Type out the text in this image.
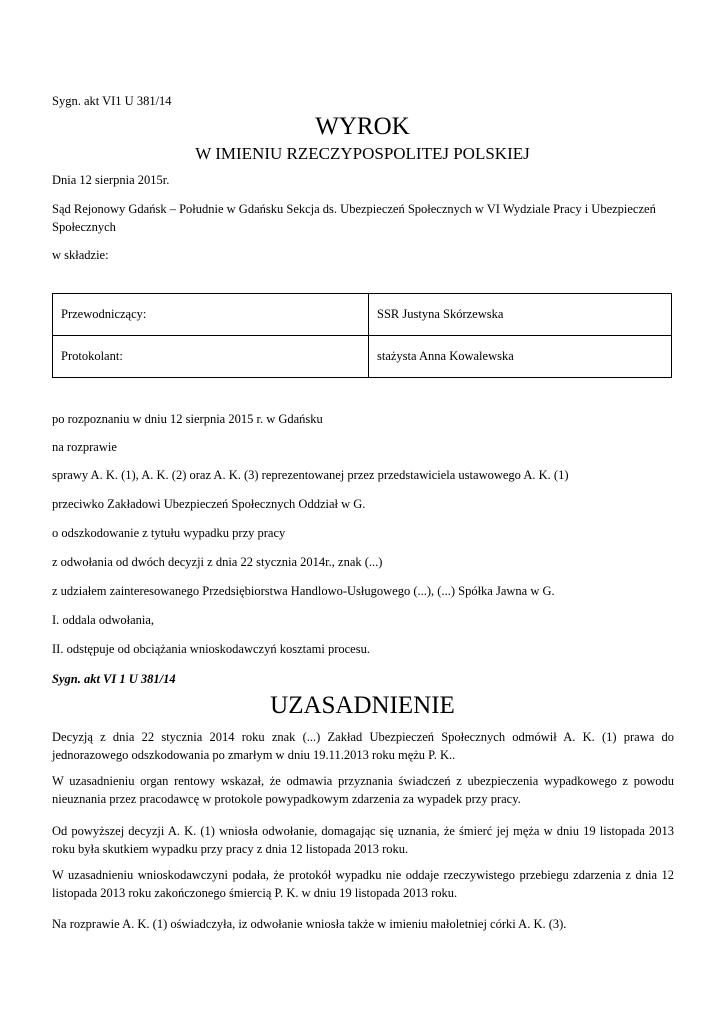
Sygn. akt VI1 U 381/14
WYROK
W IMIENIU RZECZYPOSPOLITEJ POLSKIEJ
Dnia 12 sierpnia 2015r.
Sąd Rejonowy Gdańsk – Południe w Gdańsku Sekcja ds. Ubezpieczeń Społecznych w VI Wydziale Pracy i Ubezpieczeń Społecznych
w składzie:
Przewodniczący:	SSR Justyna Skórzewska
Protokolant:	stażysta Anna Kowalewska
po rozpoznaniu w dniu 12 sierpnia 2015 r. w Gdańsku
na rozprawie
sprawy A. K. (1), A. K. (2) oraz A. K. (3) reprezentowanej przez przedstawiciela ustawowego A. K. (1)
przeciwko Zakładowi Ubezpieczeń Społecznych Oddział w G.
o odszkodowanie z tytułu wypadku przy pracy
z odwołania od dwóch decyzji z dnia 22 stycznia 2014r., znak (...)
z udziałem zainteresowanego Przedsiębiorstwa Handlowo-Usługowego (...), (...) Spółka Jawna w G.
I. oddala odwołania,
II. odstępuje od obciążania wnioskodawczyń kosztami procesu.
Sygn. akt VI 1 U 381/14
UZASADNIENIE
Decyzją z dnia 22 stycznia 2014 roku znak (...) Zakład Ubezpieczeń Społecznych odmówił A. K. (1) prawa do jednorazowego odszkodowania po zmarłym w dniu 19.11.2013 roku mężu P. K..
W uzasadnieniu organ rentowy wskazał, że odmawia przyznania świadczeń z ubezpieczenia wypadkowego z powodu nieuznania przez pracodawcę w protokole powypadkowym zdarzenia za wypadek przy pracy.
Od powyższej decyzji A. K. (1) wniosła odwołanie, domagając się uznania, że śmierć jej męża w dniu 19 listopada 2013 roku była skutkiem wypadku przy pracy z dnia 12 listopada 2013 roku.
W uzasadnieniu wnioskodawczyni podała, że protokół wypadku nie oddaje rzeczywistego przebiegu zdarzenia z dnia 12 listopada 2013 roku zakończonego śmiercią P. K. w dniu 19 listopada 2013 roku.
Na rozprawie A. K. (1) oświadczyła, iz odwołanie wniosła także w imieniu małoletniej córki A. K. (3).
